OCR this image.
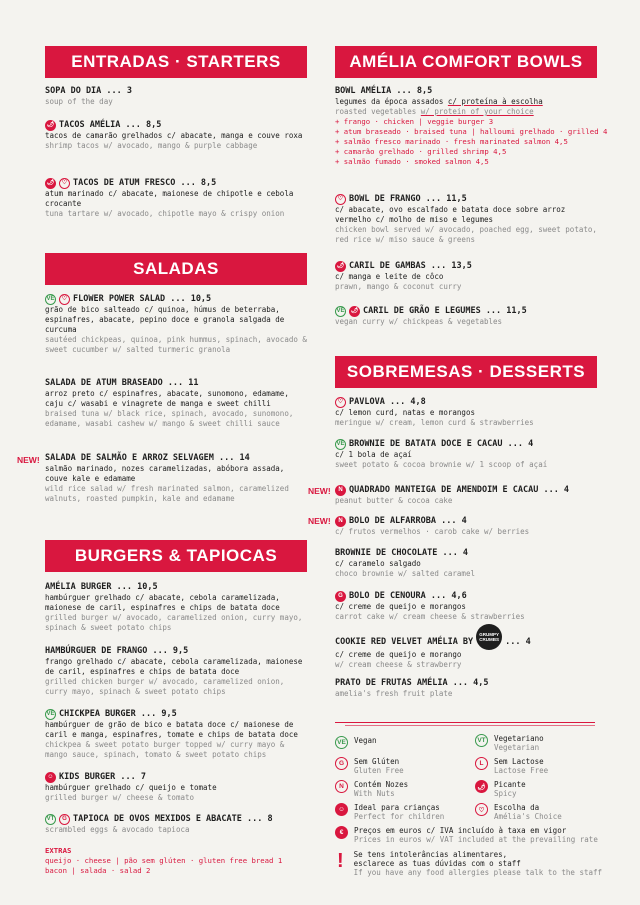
ENTRADAS · STARTERS
SOPA DO DIA ... 3
soup of the day
🌶 TACOS AMÉLIA ... 8,5
tacos de camarão grelhados c/ abacate, manga e couve roxa
shrimp tacos w/ avocado, mango & purple cabbage
🌶	♡ TACOS DE ATUM FRESCO ... 8,5
atum marinado c/ abacate, maionese de chipotle e cebola crocante
tuna tartare w/ avocado, chipotle mayo & crispy onion
SALADAS
VE	♡ FLOWER POWER SALAD ... 10,5
grão de bico salteado c/ quinoa, húmus de beterraba, espinafres, abacate, pepino doce e granola salgada de curcuma
sautéed chickpeas, quinoa, pink hummus, spinach, avocado & sweet cucumber w/ salted turmeric granola
SALADA DE ATUM BRASEADO ... 11
arroz preto c/ espinafres, abacate, sunomono, edamame, caju c/ wasabi e vinagrete de manga e sweet chilli
braised tuna w/ black rice, spinach, avocado, sunomono, edamame, wasabi cashew w/ mango & sweet chilli sauce
SALADA DE SALMÃO E ARROZ SELVAGEM ... 14
salmão marinado, nozes caramelizadas, abóbora assada, couve kale e edamame
wild rice salad w/ fresh marinated salmon, caramelized walnuts, roasted pumpkin, kale and edamame
BURGERS & TAPIOCAS
AMÉLIA BURGER ... 10,5
hambúrguer grelhado c/ abacate, cebola caramelizada, maionese de caril, espinafres e chips de batata doce
grilled burger w/ avocado, caramelized onion, curry mayo, spinach & sweet potato chips
HAMBÚRGUER DE FRANGO ... 9,5
frango grelhado c/ abacate, cebola caramelizada, maionese de caril, espinafres e chips de batata doce
grilled chicken burger w/ avocado, caramelized onion, curry mayo, spinach & sweet potato chips
VE CHICKPEA BURGER ... 9,5
hambúrguer de grão de bico e batata doce c/ maionese de caril e manga, espinafres, tomate e chips de batata doce
chickpea & sweet potato burger topped w/ curry mayo & mango sauce, spinach, tomato & sweet potato chips
☺ KIDS BURGER ... 7
hambúrguer grelhado c/ queijo e tomate
grilled burger w/ cheese & tomato
VT	G TAPIOCA DE OVOS MEXIDOS E ABACATE ... 8
scrambled eggs & avocado tapioca
EXTRAS
queijo · cheese | pão sem glúten · gluten free bread 1
bacon | salada · salad 2
NEW!
NEW!
NEW!
AMÉLIA COMFORT BOWLS
BOWL AMÉLIA ... 8,5
legumes da época assados c/ proteína à escolha
roasted vegetables w/ protein of your choice
+ frango · chicken | veggie burger 3
+ atum braseado · braised tuna | halloumi grelhado · grilled 4
+ salmão fresco marinado · fresh marinated salmon 4,5
+ camarão grelhado · grilled shrimp 4,5
+ salmão fumado · smoked salmon 4,5
♡ BOWL DE FRANGO ... 11,5
c/ abacate, ovo escalfado e batata doce sobre arroz vermelho c/ molho de miso e legumes
chicken bowl served w/ avocado, poached egg, sweet potato, red rice w/ miso sauce & greens
🌶 CARIL DE GAMBAS ... 13,5
c/ manga e leite de côco
prawn, mango & coconut curry
VE 🌶 CARIL DE GRÃO E LEGUMES ... 11,5
vegan curry w/ chickpeas & vegetables
SOBREMESAS · DESSERTS
♡ PAVLOVA ... 4,8
c/ lemon curd, natas e morangos
meringue w/ cream, lemon curd & strawberries
VE BROWNIE DE BATATA DOCE E CACAU ... 4
c/ 1 bola de açaí
sweet potato & cocoa brownie w/ 1 scoop of açaí
N QUADRADO MANTEIGA DE AMENDOIM E CACAU ... 4
peanut butter & cocoa cake
N BOLO DE ALFARROBA ... 4
c/ frutos vermelhos · carob cake w/ berries
BROWNIE DE CHOCOLATE ... 4
c/ caramelo salgado
choco brownie w/ salted caramel
G BOLO DE CENOURA ... 4,6
c/ creme de queijo e morangos
carrot cake w/ cream cheese & strawberries
COOKIE RED VELVET AMÉLIA BY
GRUMPY CRUMBS ... 4
c/ creme de queijo e morango
w/ cream cheese & strawberry
PRATO DE FRUTAS AMÉLIA ... 4,5
amelia's fresh fruit plate
VE Vegan	VT	Vegetariano
Vegetarian
G	Sem Glúten
Gluten Free
L	Sem Lactose
Lactose Free
N	Contém Nozes
With Nuts
🌶	Picante
Spicy
☺	Ideal para crianças
Perfect for children
♡	Escolha da
Amélia's Choice
€	Preços em euros c/ IVA incluído à taxa em vigor
Prices in euros w/ VAT included at the prevailing rate
! Se tens intolerâncias alimentares,
esclarece as tuas dúvidas com o staff
If you have any food allergies please talk to the staff
